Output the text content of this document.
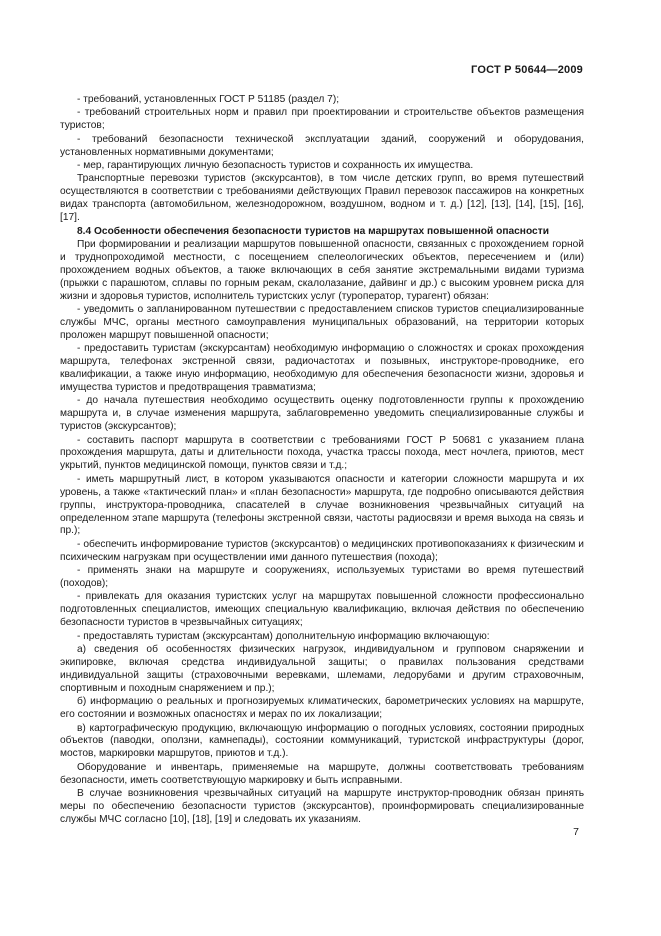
ГОСТ Р 50644—2009

- требований, установленных ГОСТ Р 51185 (раздел 7);

- требований строительных норм и правил при проектировании и строительстве объектов размещения туристов;

- требований безопасности технической эксплуатации зданий, сооружений и оборудования, установленных нормативными документами;

- мер, гарантирующих личную безопасность туристов и сохранность их имущества.

Транспортные перевозки туристов (экскурсантов), в том числе детских групп, во время путешествий осуществляются в соответствии с требованиями действующих Правил перевозок пассажиров на конкретных видах транспорта (автомобильном, железнодорожном, воздушном, водном и т. д.) [12], [13], [14], [15], [16], [17].

8.4 Особенности обеспечения безопасности туристов на маршрутах повышенной опасности

При формировании и реализации маршрутов повышенной опасности, связанных с прохождением горной и труднопроходимой местности, с посещением спелеологических объектов, пересечением и (или) прохождением водных объектов, а также включающих в себя занятие экстремальными видами туризма (прыжки с парашютом, сплавы по горным рекам, скалолазание, дайвинг и др.) с высоким уровнем риска для жизни и здоровья туристов, исполнитель туристских услуг (туроператор, турагент) обязан:

- уведомить о запланированном путешествии с предоставлением списков туристов специализированные службы МЧС, органы местного самоуправления муниципальных образований, на территории которых проложен маршрут повышенной опасности;

- предоставить туристам (экскурсантам) необходимую информацию о сложностях и сроках прохождения маршрута, телефонах экстренной связи, радиочастотах и позывных, инструкторе-проводнике, его квалификации, а также иную информацию, необходимую для обеспечения безопасности жизни, здоровья и имущества туристов и предотвращения травматизма;

- до начала путешествия необходимо осуществить оценку подготовленности группы к прохождению маршрута и, в случае изменения маршрута, заблаговременно уведомить специализированные службы и туристов (экскурсантов);

- составить паспорт маршрута в соответствии с требованиями ГОСТ Р 50681 с указанием плана прохождения маршрута, даты и длительности похода, участка трассы похода, мест ночлега, приютов, мест укрытий, пунктов медицинской помощи, пунктов связи и т.д.;

- иметь маршрутный лист, в котором указываются опасности и категории сложности маршрута и их уровень, а также «тактический план» и «план безопасности» маршрута, где подробно описываются действия группы, инструктора-проводника, спасателей в случае возникновения чрезвычайных ситуаций на определенном этапе маршрута (телефоны экстренной связи, частоты радиосвязи и время выхода на связь и пр.);

- обеспечить информирование туристов (экскурсантов) о медицинских противопоказаниях к физическим и психическим нагрузкам при осуществлении ими данного путешествия (похода);

- применять знаки на маршруте и сооружениях, используемых туристами во время путешествий (походов);

- привлекать для оказания туристских услуг на маршрутах повышенной сложности профессионально подготовленных специалистов, имеющих специальную квалификацию, включая действия по обеспечению безопасности туристов в чрезвычайных ситуациях;

- предоставлять туристам (экскурсантам) дополнительную информацию включающую:

а) сведения об особенностях физических нагрузок, индивидуальном и групповом снаряжении и экипировке, включая средства индивидуальной защиты; о правилах пользования средствами индивидуальной защиты (страховочными веревками, шлемами, ледорубами и другим страховочным, спортивным и походным снаряжением и пр.);

б) информацию о реальных и прогнозируемых климатических, барометрических условиях на маршруте, его состоянии и возможных опасностях и мерах по их локализации;

в) картографическую продукцию, включающую информацию о погодных условиях, состоянии природных объектов (паводки, оползни, камнепады), состоянии коммуникаций, туристской инфраструктуры (дорог, мостов, маркировки маршрутов, приютов и т.д.).

Оборудование и инвентарь, применяемые на маршруте, должны соответствовать требованиям безопасности, иметь соответствующую маркировку и быть исправными.

В случае возникновения чрезвычайных ситуаций на маршруте инструктор-проводник обязан принять меры по обеспечению безопасности туристов (экскурсантов), проинформировать специализированные службы МЧС согласно [10], [18], [19] и следовать их указаниям.

7
